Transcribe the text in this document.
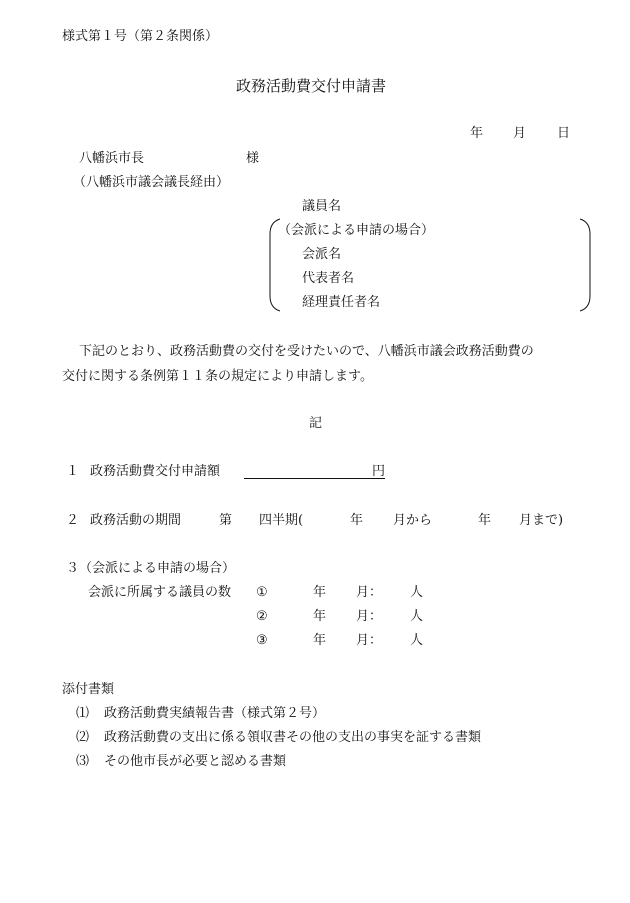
様式第１号（第２条関係）
政務活動費交付申請書
年 月 日
八幡浜市長	様
（八幡浜市議会議長経由）
議員名
（会派による申請の場合）
会派名
代表者名
経理責任者名
下記のとおり、政務活動費の交付を受けたいので、八幡浜市議会政務活動費の
交付に関する条例第１１条の規定により申請します。
記
１ 政務活動費交付申請額	円
２ 政務活動の期間	第 四半期(	年 月から	年 月まで)
３ （会派による申請の場合）
会派に所属する議員の数 ①	年 月： 人
②	年 月： 人
③	年 月： 人
添付書類
⑴ 政務活動費実績報告書（様式第２号）
⑵ 政務活動費の支出に係る領収書その他の支出の事実を証する書類
⑶ その他市長が必要と認める書類
